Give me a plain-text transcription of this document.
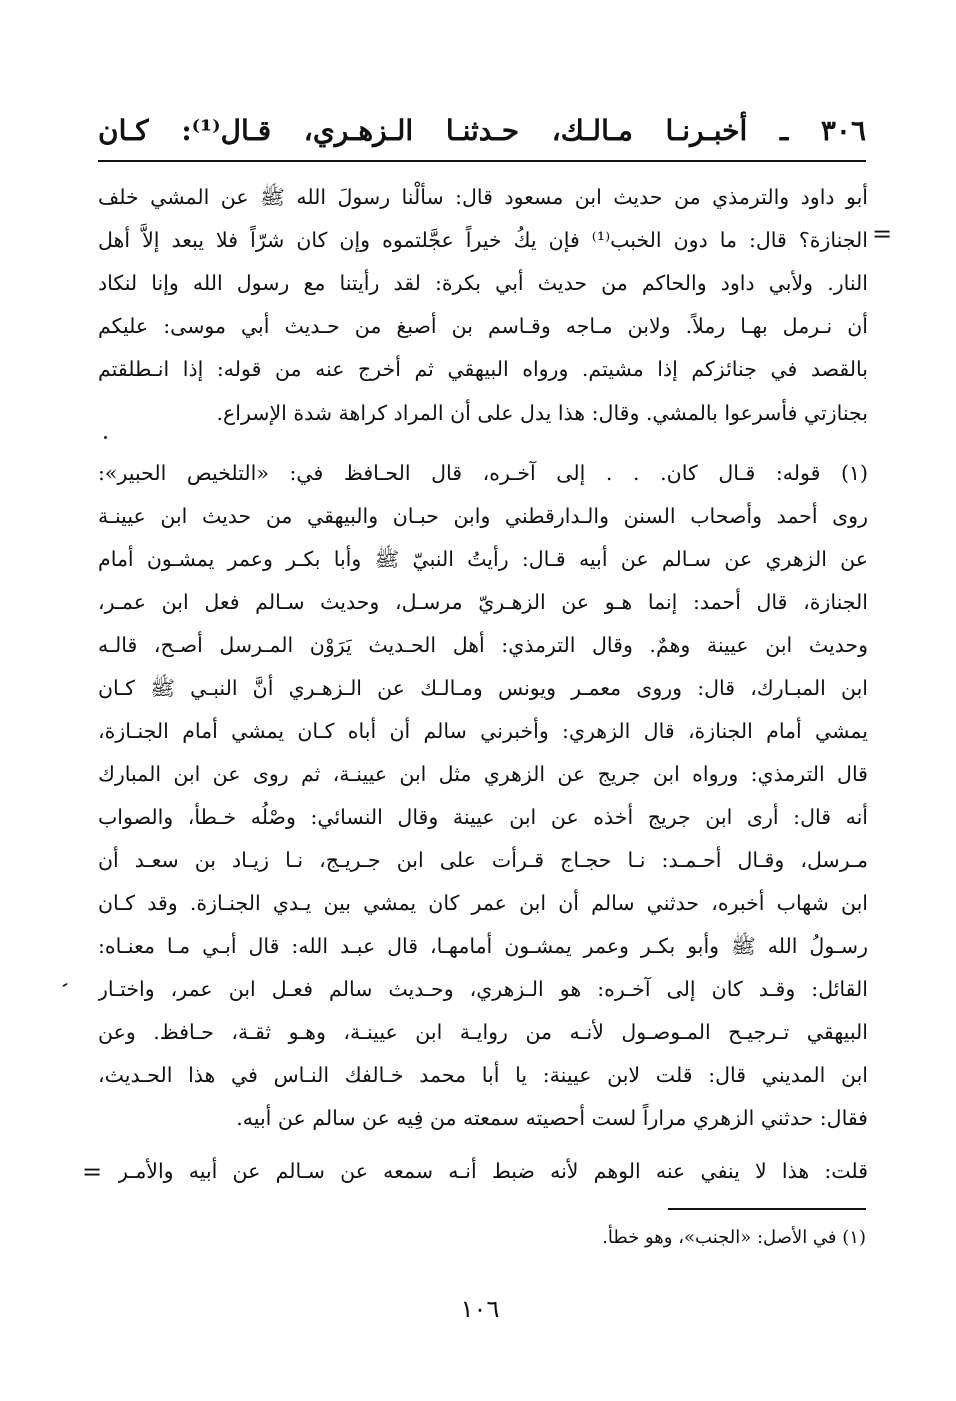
٣٠٦ ـ أخبـرنـا مـالـك، حـدثنـا الـزهـري، قـال⁽¹⁾: كـان
أبو داود والترمذي من حديث ابن مسعود قال: سألْنا رسولَ الله ﷺ عن المشي خلف
الجنازة؟ قال: ما دون الخبب⁽¹⁾ فإن يكُ خيراً عجَّلتموه وإن كان شرّاً فلا يبعد إلاَّ أهل
النار. ولأبي داود والحاكم من حديث أبي بكرة: لقد رأيتنا مع رسول الله وإنا لنكاد
أن نـرمل بهـا رملاً. ولابن مـاجه وقـاسم بن أصبغ من حـديث أبي موسى: عليكم
بالقصد في جنائزكم إذا مشيتم. ورواه البيهقي ثم أخرج عنه من قوله: إذا انـطلقتم
بجنازتي فأسرعوا بالمشي. وقال: هذا يدل على أن المراد كراهة شدة الإسراع.
(١) قوله: قـال كان. . . إلى آخـره، قال الحـافظ في: «التلخيص الحبير»:
روى أحمد وأصحاب السنن والـدارقطني وابن حبـان والبيهقي من حديث ابن عيينـة
عن الزهري عن سـالم عن أبيه قـال: رأيتُ النبيّ ﷺ وأبا بكـر وعمر يمشـون أمام
الجنازة، قال أحمد: إنما هـو عن الزهـريّ مرسـل، وحديث سـالم فعل ابن عمـر،
وحديث ابن عيينة وهمٌ. وقال الترمذي: أهل الحـديث يَرَوْن المـرسل أصـح، قالـه
ابن المبـارك، قال: وروى معمـر ويونس ومـالـك عن الـزهـري أنَّ النبـي ﷺ كـان
يمشي أمام الجنازة، قال الزهري: وأخبرني سالم أن أباه كـان يمشي أمام الجنـازة،
قال الترمذي: ورواه ابن جريج عن الزهري مثل ابن عيينـة، ثم روى عن ابن المبارك
أنه قال: أرى ابن جريج أخذه عن ابن عيينة وقال النسائي: وصْلُه خـطأ، والصواب
مـرسل، وقـال أحـمـد: نـا حجـاج قـرأت على ابن جـريـج، نـا زيـاد بن سعـد أن
ابن شهاب أخبره، حدثني سالم أن ابن عمر كان يمشي بين يـدي الجنـازة. وقد كـان
رسـولُ الله ﷺ وأبو بكـر وعمر يمشـون أمامهـا، قال عبـد الله: قال أبـي مـا معنـاه:
القائل: وقـد كان إلى آخـره: هو الـزهري، وحـديث سالم فعـل ابن عمر، واختـار
البيهقي تـرجيـح المـوصـول لأنـه من روايـة ابن عيينـة، وهـو ثقـة، حـافظ. وعن
ابن المديني قال: قلت لابن عيينة: يا أبا محمد خـالفك النـاس في هذا الحـديث،
فقال: حدثني الزهري مراراً لست أحصيته سمعته من فِيه عن سالم عن أبيه.
قلت: هذا لا ينفي عنه الوهم لأنه ضبط أنـه سمعه عن سـالم عن أبيه والأمـر
=
=
(١) في الأصل: «الجنب»، وهو خطأ.
١٠٦
